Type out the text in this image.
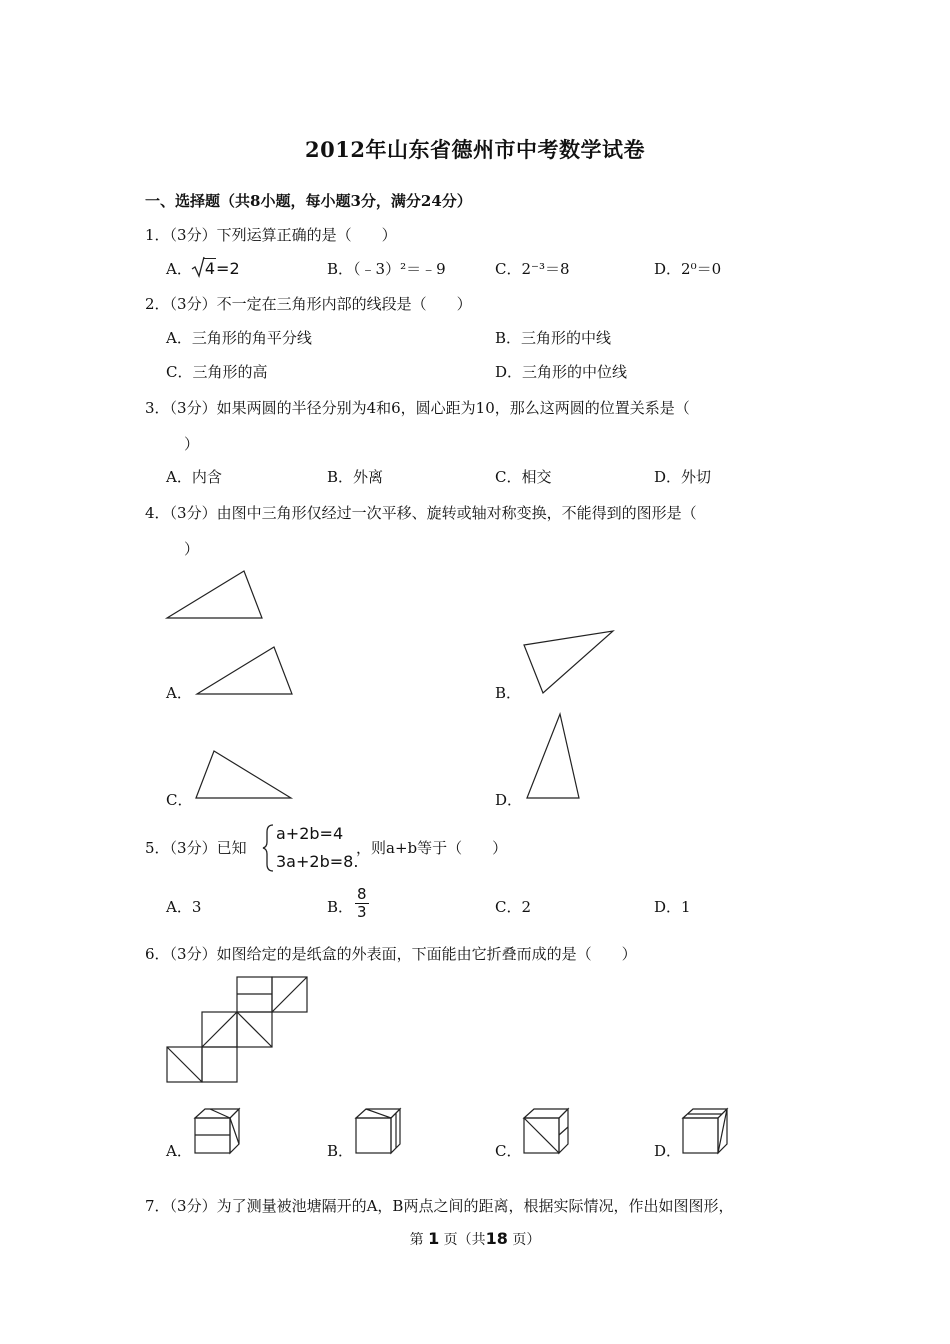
2012年山东省德州市中考数学试卷
一、选择题（共8小题，每小题3分，满分24分）
1．（3分）下列运算正确的是（　　）
A． 4=2	B．（﹣3）²＝﹣9	C．2⁻³＝8	D．2⁰＝0
2．（3分）不一定在三角形内部的线段是（　　）
A．三角形的角平分线	B．三角形的中线
C．三角形的高	D．三角形的中位线
3．（3分）如果两圆的半径分别为4和6，圆心距为10，那么这两圆的位置关系是（
）
A．内含	B．外离	C．相交	D．外切
4．（3分）由图中三角形仅经过一次平移、旋转或轴对称变换，不能得到的图形是（
）
A．	B．
C．	D．
5．（3分）已知
a+2b=4
3a+2b=8.
，则a+b等于（　　）
A．3	B． $\frac{8}{3}$	C．2	D．1
6．（3分）如图给定的是纸盒的外表面，下面能由它折叠而成的是（　　）
A．	B．	C．	D．
7．（3分）为了测量被池塘隔开的A，B两点之间的距离，根据实际情况，作出如图图形，
第 1 页（共18 页）
